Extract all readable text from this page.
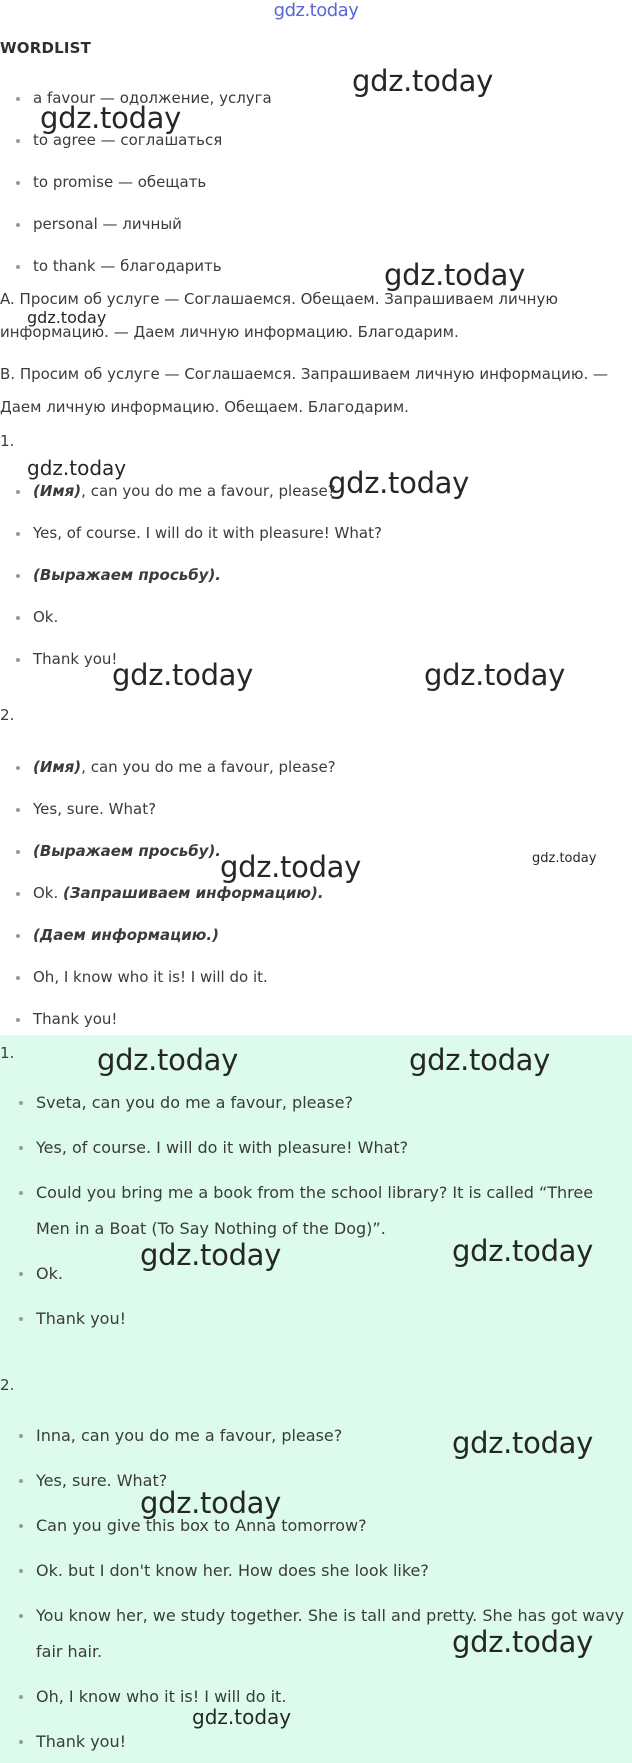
gdz.today
WORDLIST
a favour — одолжение, услуга
to agree — соглашаться
to promise — обещать
personal — личный
to thank — благодарить
A. Просим об услуге — Соглашаемся. Обещаем. Запрашиваем личную информацию. — Даем личную информацию. Благодарим.
B. Просим об услуге — Соглашаемся. Запрашиваем личную информацию. — Даем личную информацию. Обещаем. Благодарим.
1.
(Имя), can you do me a favour, please?
Yes, of course. I will do it with pleasure! What?
(Выражаем просьбу).
Ok.
Thank you!
2.
(Имя), can you do me a favour, please?
Yes, sure. What?
(Выражаем просьбу).
Ok. (Запрашиваем информацию).
(Даем информацию.)
Oh, I know who it is! I will do it.
Thank you!
1.
Sveta, can you do me a favour, please?
Yes, of course. I will do it with pleasure! What?
Could you bring me a book from the school library? It is called “Three Men in a Boat (To Say Nothing of the Dog)”.
Ok.
Thank you!
2.
Inna, can you do me a favour, please?
Yes, sure. What?
Can you give this box to Anna tomorrow?
Ok. but I don't know her. How does she look like?
You know her, we study together. She is tall and pretty. She has got wavy fair hair.
Oh, I know who it is! I will do it.
Thank you!
gdz.today
gdz.today
gdz.today
gdz.today
gdz.today	gdz.today
gdz.today	gdz.today
gdz.today	gdz.today
gdz.today	gdz.today
gdz.today	gdz.today
gdz.today
gdz.today
gdz.today
gdz.today
